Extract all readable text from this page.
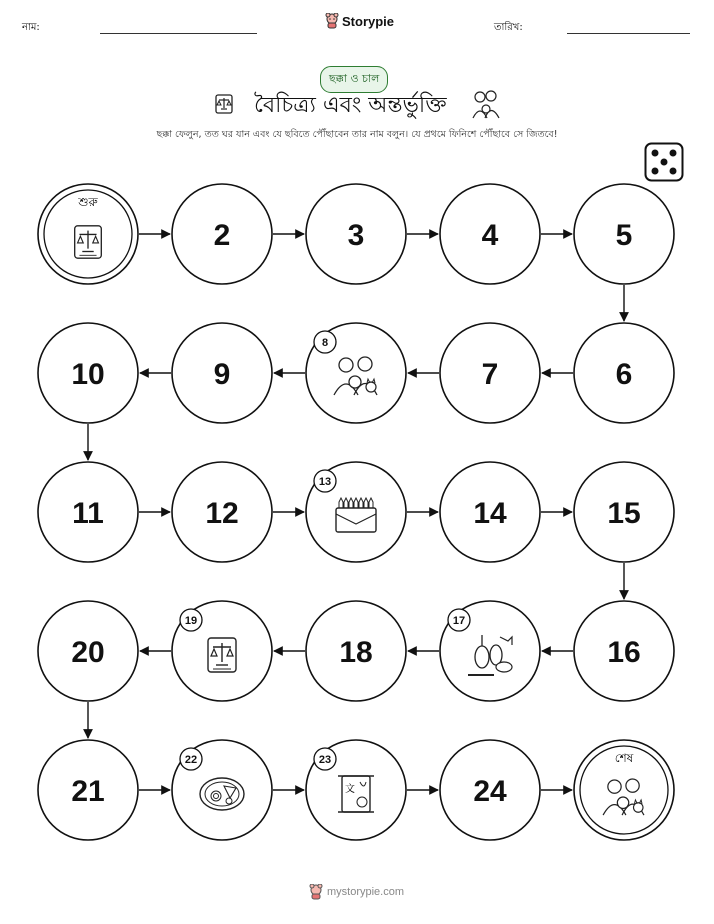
নাম:	Storypie	তারিখ:
ছক্কা ও চাল
বৈচিত্র্য এবং অন্তর্ভুক্তি
ছক্কা ফেলুন, তত ঘর যান এবং যে ছবিতে পৌঁছাবেন তার নাম বলুন। যে প্রথমে ফিনিশে পৌঁছাবে সে জিতবে!
শুরু
2	3	4	5
6
7
8
9
10
11	12
13
14	15
16
17
18
19
20
21
22
文
23
24
শেষ
mystorypie.com
